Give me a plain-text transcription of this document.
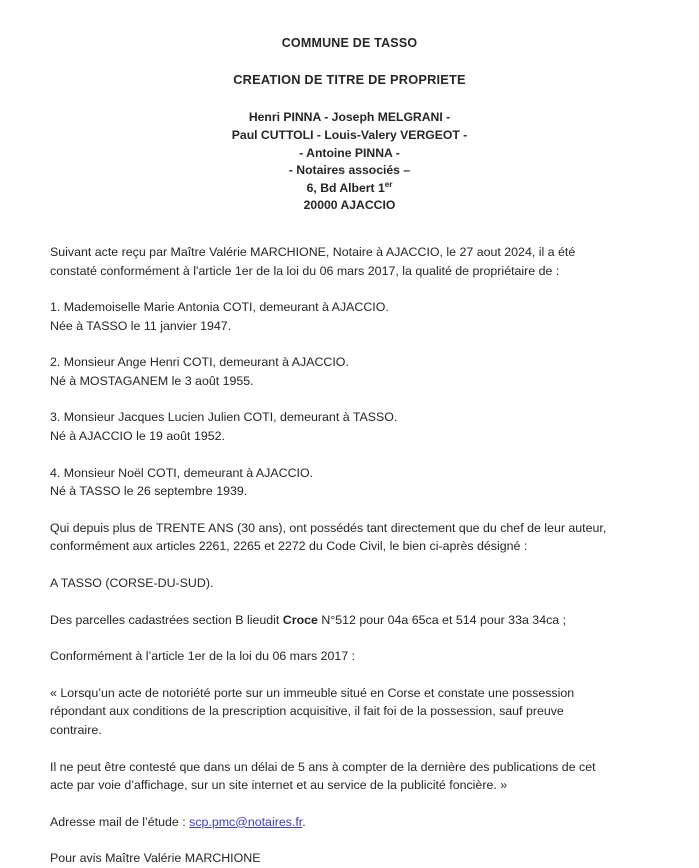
COMMUNE DE TASSO
CREATION DE TITRE DE PROPRIETE
Henri PINNA - Joseph MELGRANI -
Paul CUTTOLI - Louis-Valery VERGEOT -
- Antoine PINNA -
- Notaires associés –
6, Bd Albert 1er
20000 AJACCIO

Suivant acte reçu par Maître Valérie MARCHIONE, Notaire à AJACCIO, le 27 aout 2024, il a été
constaté conformément à l'article 1er de la loi du 06 mars 2017, la qualité de propriétaire de :

1. Mademoiselle Marie Antonia COTI, demeurant à AJACCIO.
Née à TASSO le 11 janvier 1947.

2. Monsieur Ange Henri COTI, demeurant à AJACCIO.
Né à MOSTAGANEM le 3 août 1955.

3. Monsieur Jacques Lucien Julien COTI, demeurant à TASSO.
Né à AJACCIO le 19 août 1952.

4. Monsieur Noël COTI, demeurant à AJACCIO.
Né à TASSO le 26 septembre 1939.

Qui depuis plus de TRENTE ANS (30 ans), ont possédés tant directement que du chef de leur auteur,
conformément aux articles 2261, 2265 et 2272 du Code Civil, le bien ci-après désigné :

A TASSO (CORSE-DU-SUD).

Des parcelles cadastrées section B lieudit Croce N°512 pour 04a 65ca et 514 pour 33a 34ca ;

Conformément à l’article 1er de la loi du 06 mars 2017 :

« Lorsqu’un acte de notoriété porte sur un immeuble situé en Corse et constate une possession
répondant aux conditions de la prescription acquisitive, il fait foi de la possession, sauf preuve
contraire.

Il ne peut être contesté que dans un délai de 5 ans à compter de la dernière des publications de cet
acte par voie d’affichage, sur un site internet et au service de la publicité foncière. »

Adresse mail de l’étude : scp.pmc@notaires.fr.

Pour avis Maître Valérie MARCHIONE
